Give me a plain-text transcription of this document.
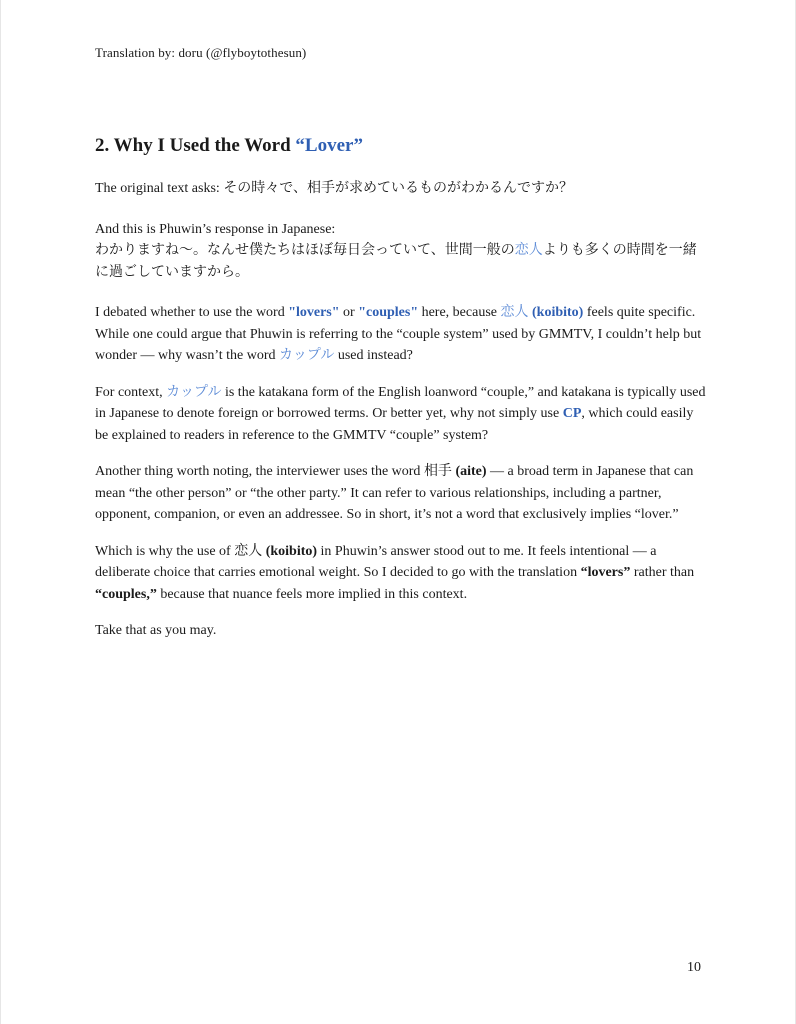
Translation by: doru (@flyboytothesun)
2. Why I Used the Word “Lover”

The original text asks: その時々で、相手が求めているものがわかるんですか？

And this is Phuwin’s response in Japanese:
わかりますね〜。なんせ僕たちはほぼ毎日会っていて、世間一般の恋人よりも多くの時間を一緒に過ごしていますから。

I debated whether to use the word "lovers" or "couples" here, because 恋人 (koibito) feels quite specific. While one could argue that Phuwin is referring to the “couple system” used by GMMTV, I couldn’t help but wonder — why wasn’t the word カップル used instead?

For context, カップル is the katakana form of the English loanword “couple,” and katakana is typically used in Japanese to denote foreign or borrowed terms. Or better yet, why not simply use CP, which could easily be explained to readers in reference to the GMMTV “couple” system?

Another thing worth noting, the interviewer uses the word 相手 (aite) — a broad term in Japanese that can mean “the other person” or “the other party.” It can refer to various relationships, including a partner, opponent, companion, or even an addressee. So in short, it’s not a word that exclusively implies “lover.”

Which is why the use of 恋人 (koibito) in Phuwin’s answer stood out to me. It feels intentional — a deliberate choice that carries emotional weight. So I decided to go with the translation “lovers” rather than “couples,” because that nuance feels more implied in this context.

Take that as you may.

10
